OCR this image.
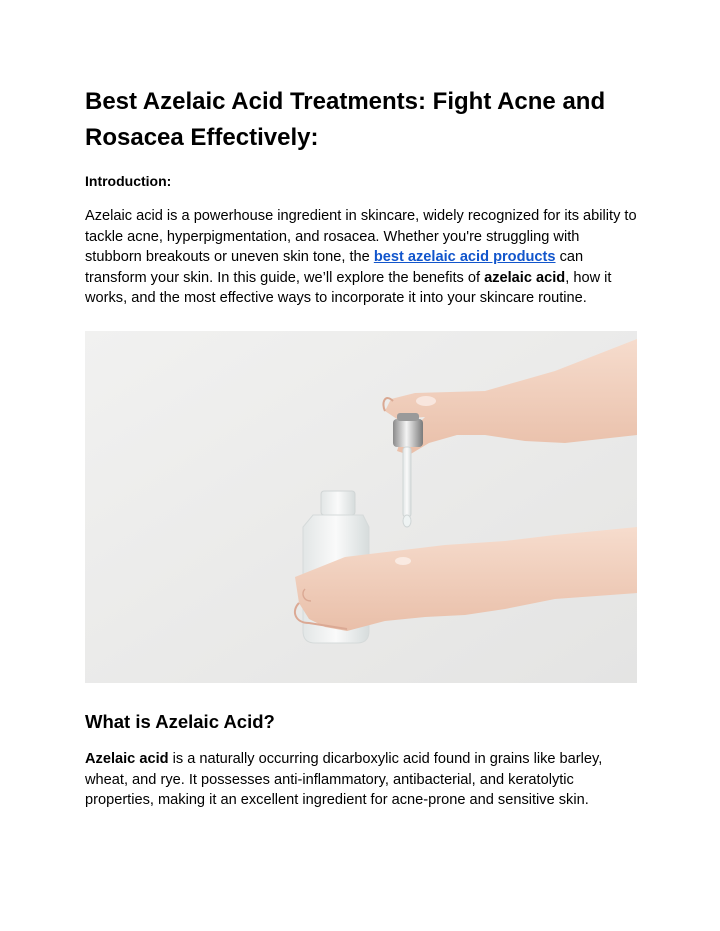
Best Azelaic Acid Treatments: Fight Acne and Rosacea Effectively:
Introduction:

Azelaic acid is a powerhouse ingredient in skincare, widely recognized for its ability to tackle acne, hyperpigmentation, and rosacea. Whether you're struggling with stubborn breakouts or uneven skin tone, the best azelaic acid products can transform your skin. In this guide, we’ll explore the benefits of azelaic acid, how it works, and the most effective ways to incorporate it into your skincare routine.

What is Azelaic Acid?

Azelaic acid is a naturally occurring dicarboxylic acid found in grains like barley, wheat, and rye. It possesses anti-inflammatory, antibacterial, and keratolytic properties, making it an excellent ingredient for acne-prone and sensitive skin.
